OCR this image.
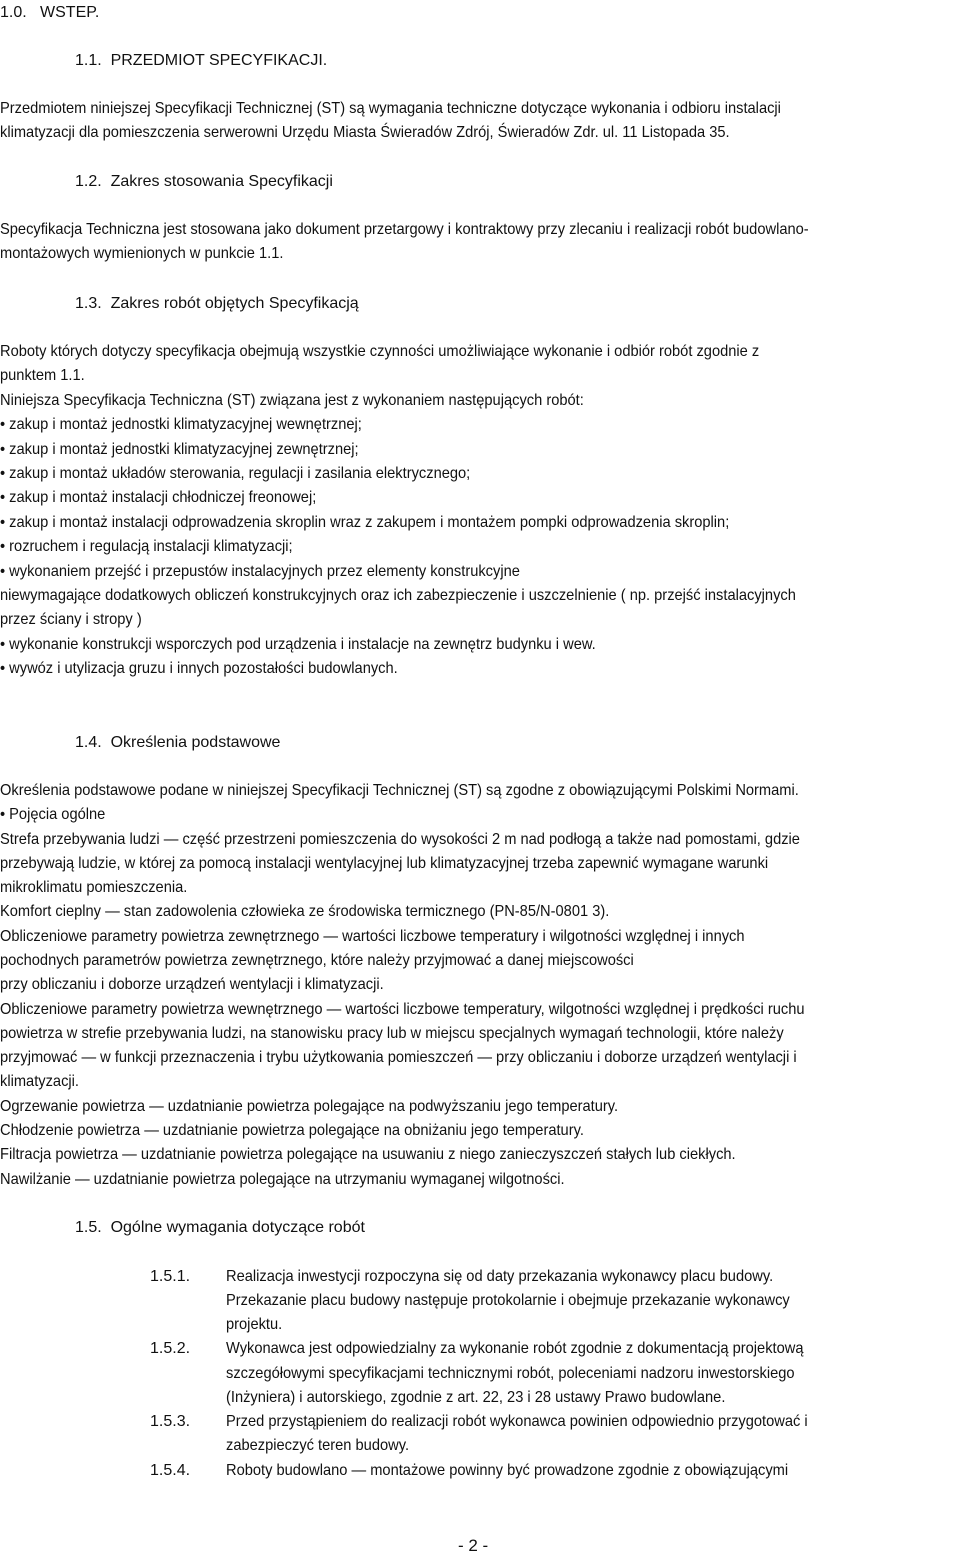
1.0. WSTEP.
1.1. PRZEDMIOT SPECYFIKACJI.
Przedmiotem niniejszej Specyfikacji Technicznej (ST) są wymagania techniczne dotyczące wykonania i odbioru instalacji
klimatyzacji dla pomieszczenia serwerowni Urzędu Miasta Świeradów Zdrój, Świeradów Zdr. ul. 11 Listopada 35.
1.2. Zakres stosowania Specyfikacji
Specyfikacja Techniczna jest stosowana jako dokument przetargowy i kontraktowy przy zlecaniu i realizacji robót budowlano-
montażowych wymienionych w punkcie 1.1.
1.3. Zakres robót objętych Specyfikacją
Roboty których dotyczy specyfikacja obejmują wszystkie czynności umożliwiające wykonanie i odbiór robót zgodnie z
punktem 1.1.
Niniejsza Specyfikacja Techniczna (ST) związana jest z wykonaniem następujących robót:
• zakup i montaż jednostki klimatyzacyjnej wewnętrznej;
• zakup i montaż jednostki klimatyzacyjnej zewnętrznej;
• zakup i montaż układów sterowania, regulacji i zasilania elektrycznego;
• zakup i montaż instalacji chłodniczej freonowej;
• zakup i montaż instalacji odprowadzenia skroplin wraz z zakupem i montażem pompki odprowadzenia skroplin;
• rozruchem i regulacją instalacji klimatyzacji;
• wykonaniem przejść i przepustów instalacyjnych przez elementy konstrukcyjne
niewymagające dodatkowych obliczeń konstrukcyjnych oraz ich zabezpieczenie i uszczelnienie ( np. przejść instalacyjnych
przez ściany i stropy )
• wykonanie konstrukcji wsporczych pod urządzenia i instalacje na zewnętrz budynku i wew.
• wywóz i utylizacja gruzu i innych pozostałości budowlanych.
1.4. Określenia podstawowe
Określenia podstawowe podane w niniejszej Specyfikacji Technicznej (ST) są zgodne z obowiązującymi Polskimi Normami.
• Pojęcia ogólne
Strefa przebywania ludzi — część przestrzeni pomieszczenia do wysokości 2 m nad podłogą a także nad pomostami, gdzie
przebywają ludzie, w której za pomocą instalacji wentylacyjnej lub klimatyzacyjnej trzeba zapewnić wymagane warunki
mikroklimatu pomieszczenia.
Komfort cieplny — stan zadowolenia człowieka ze środowiska termicznego (PN-85/N-0801 3).
Obliczeniowe parametry powietrza zewnętrznego — wartości liczbowe temperatury i wilgotności względnej i innych
pochodnych parametrów powietrza zewnętrznego, które należy przyjmować a danej miejscowości
przy obliczaniu i doborze urządzeń wentylacji i klimatyzacji.
Obliczeniowe parametry powietrza wewnętrznego — wartości liczbowe temperatury, wilgotności względnej i prędkości ruchu
powietrza w strefie przebywania ludzi, na stanowisku pracy lub w miejscu specjalnych wymagań technologii, które należy
przyjmować — w funkcji przeznaczenia i trybu użytkowania pomieszczeń — przy obliczaniu i doborze urządzeń wentylacji i
klimatyzacji.
Ogrzewanie powietrza — uzdatnianie powietrza polegające na podwyższaniu jego temperatury.
Chłodzenie powietrza — uzdatnianie powietrza polegające na obniżaniu jego temperatury.
Filtracja powietrza — uzdatnianie powietrza polegające na usuwaniu z niego zanieczyszczeń stałych lub ciekłych.
Nawilżanie — uzdatnianie powietrza polegające na utrzymaniu wymaganej wilgotności.
1.5. Ogólne wymagania dotyczące robót
1.5.1. Realizacja inwestycji rozpoczyna się od daty przekazania wykonawcy placu budowy.
Przekazanie placu budowy następuje protokolarnie i obejmuje przekazanie wykonawcy
projektu.
1.5.2. Wykonawca jest odpowiedzialny za wykonanie robót zgodnie z dokumentacją projektową
szczegółowymi specyfikacjami technicznymi robót, poleceniami nadzoru inwestorskiego
(Inżyniera) i autorskiego, zgodnie z art. 22, 23 i 28 ustawy Prawo budowlane.
1.5.3. Przed przystąpieniem do realizacji robót wykonawca powinien odpowiednio przygotować i
zabezpieczyć teren budowy.
1.5.4. Roboty budowlano — montażowe powinny być prowadzone zgodnie z obowiązującymi
- 2 -
